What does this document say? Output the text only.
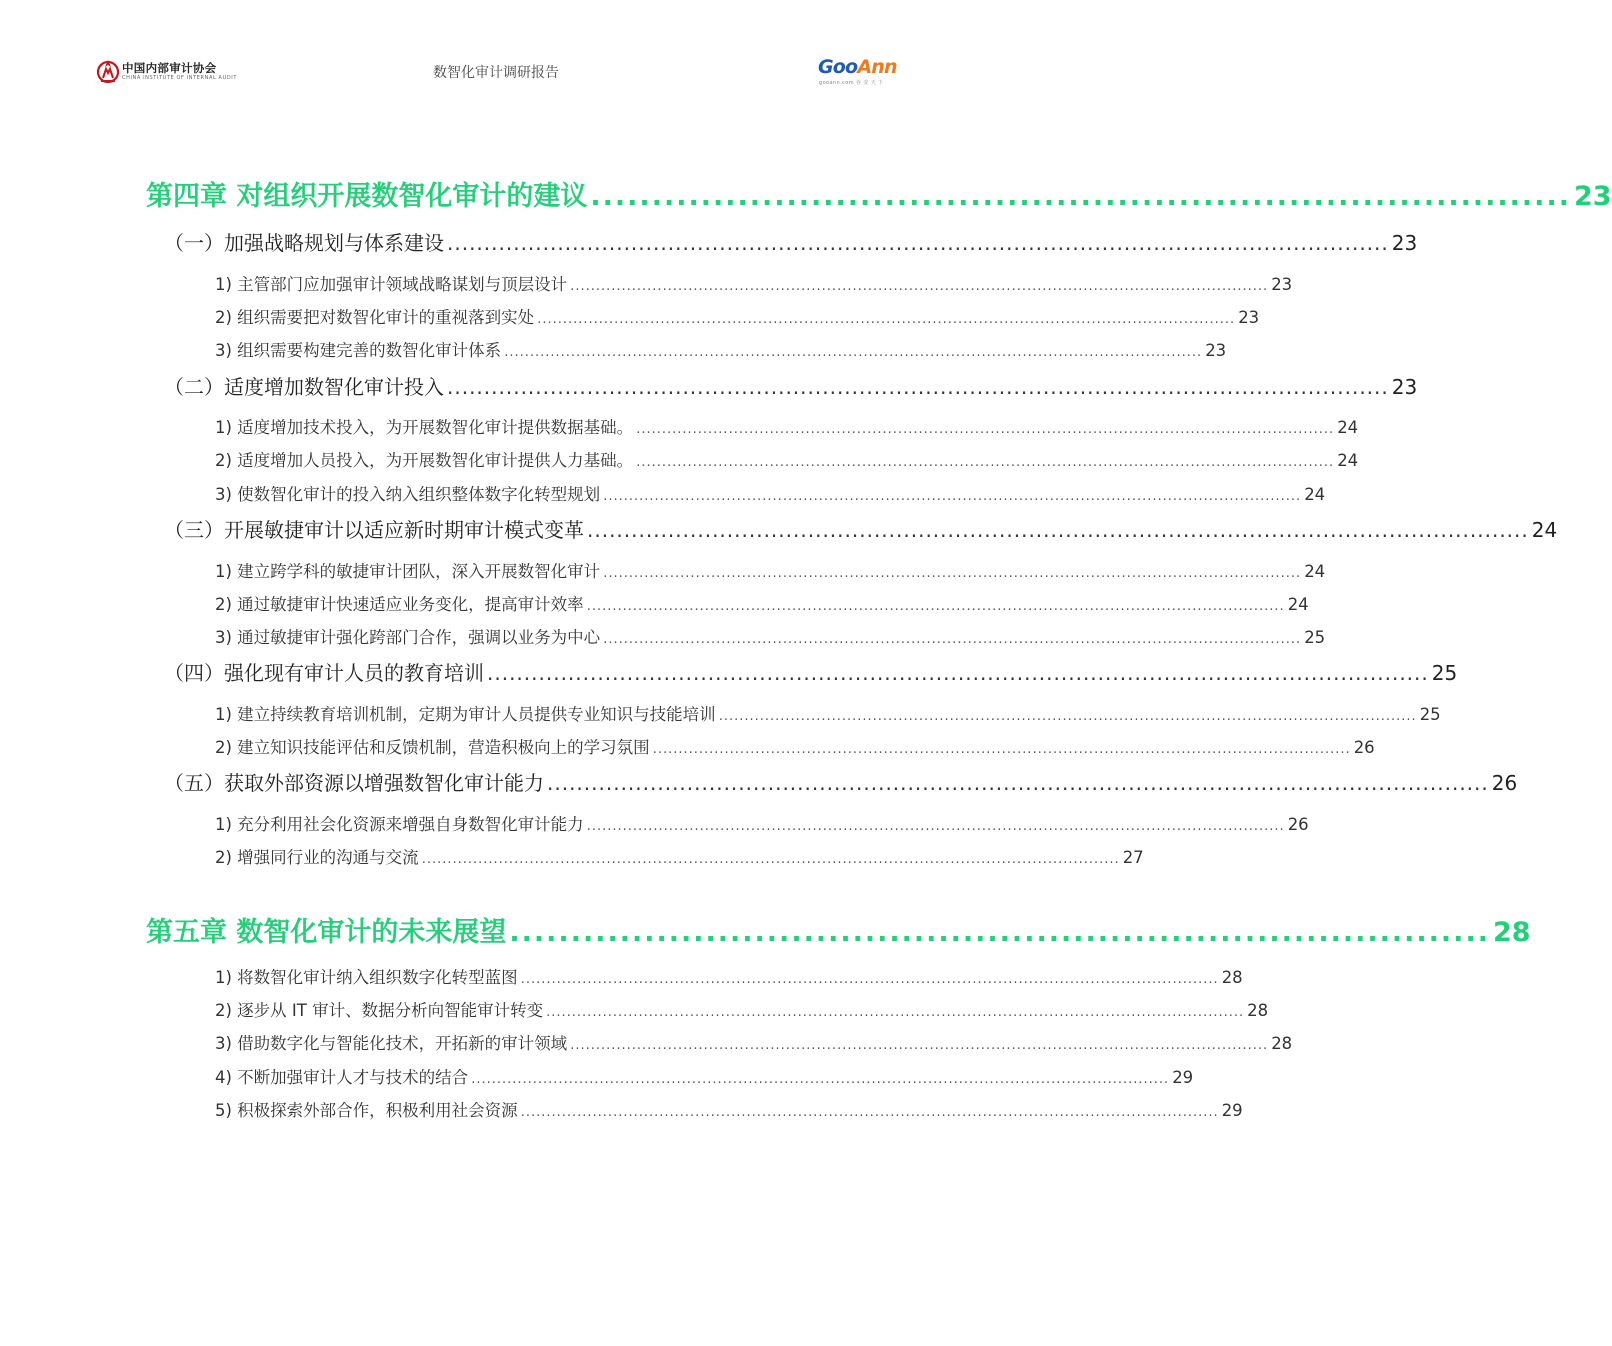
中国内部审计协会
CHINA INSTITUTE OF INTERNAL AUDIT	数智化审计调研报告	GooAnn
gooann.com 谷 安 天 下
第四章 对组织开展数智化审计的建议 ................................................................................ 23
（一）加强战略规划与体系建设 ................................................................................................................................ 23
1) 主管部门应加强审计领域战略谋划与顶层设计 ........................................................................................................................................ 23
2) 组织需要把对数智化审计的重视落到实处 ........................................................................................................................................ 23
3) 组织需要构建完善的数智化审计体系 ........................................................................................................................................ 23
（二）适度增加数智化审计投入 ................................................................................................................................ 23
1) 适度增加技术投入，为开展数智化审计提供数据基础。 ........................................................................................................................................ 24
2) 适度增加人员投入，为开展数智化审计提供人力基础。 ........................................................................................................................................ 24
3) 使数智化审计的投入纳入组织整体数字化转型规划 ........................................................................................................................................ 24
（三）开展敏捷审计以适应新时期审计模式变革 ................................................................................................................................ 24
1) 建立跨学科的敏捷审计团队，深入开展数智化审计 ........................................................................................................................................ 24
2) 通过敏捷审计快速适应业务变化，提高审计效率 ........................................................................................................................................ 24
3) 通过敏捷审计强化跨部门合作，强调以业务为中心 ........................................................................................................................................ 25
（四）强化现有审计人员的教育培训 ................................................................................................................................ 25
1) 建立持续教育培训机制，定期为审计人员提供专业知识与技能培训 ........................................................................................................................................ 25
2) 建立知识技能评估和反馈机制，营造积极向上的学习氛围 ........................................................................................................................................ 26
（五）获取外部资源以增强数智化审计能力 ................................................................................................................................ 26
1) 充分利用社会化资源来增强自身数智化审计能力 ........................................................................................................................................ 26
2) 增强同行业的沟通与交流 ........................................................................................................................................ 27
第五章 数智化审计的未来展望 ................................................................................ 28
1) 将数智化审计纳入组织数字化转型蓝图 ........................................................................................................................................ 28
2) 逐步从 IT 审计、数据分析向智能审计转变 ........................................................................................................................................ 28
3) 借助数字化与智能化技术，开拓新的审计领域 ........................................................................................................................................ 28
4) 不断加强审计人才与技术的结合 ........................................................................................................................................ 29
5) 积极探索外部合作，积极利用社会资源 ........................................................................................................................................ 29
